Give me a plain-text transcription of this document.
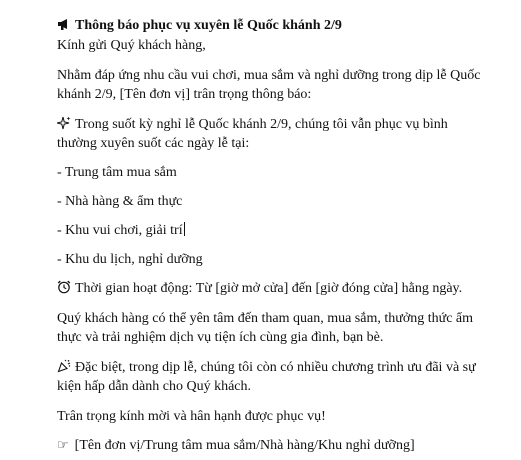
Thông báo phục vụ xuyên lễ Quốc khánh 2/9
Kính gửi Quý khách hàng,
Nhằm đáp ứng nhu cầu vui chơi, mua sắm và nghỉ dưỡng trong dịp lễ Quốc
khánh 2/9, [Tên đơn vị] trân trọng thông báo:
Trong suốt kỳ nghỉ lễ Quốc khánh 2/9, chúng tôi vẫn phục vụ bình
thường xuyên suốt các ngày lễ tại:
- Trung tâm mua sắm
- Nhà hàng & ẩm thực
- Khu vui chơi, giải trí
- Khu du lịch, nghỉ dưỡng
Thời gian hoạt động: Từ [giờ mở cửa] đến [giờ đóng cửa] hằng ngày.
Quý khách hàng có thể yên tâm đến tham quan, mua sắm, thưởng thức ẩm
thực và trải nghiệm dịch vụ tiện ích cùng gia đình, bạn bè.
Đặc biệt, trong dịp lễ, chúng tôi còn có nhiều chương trình ưu đãi và sự
kiện hấp dẫn dành cho Quý khách.
Trân trọng kính mời và hân hạnh được phục vụ!
☞ [Tên đơn vị/Trung tâm mua sắm/Nhà hàng/Khu nghỉ dưỡng]
